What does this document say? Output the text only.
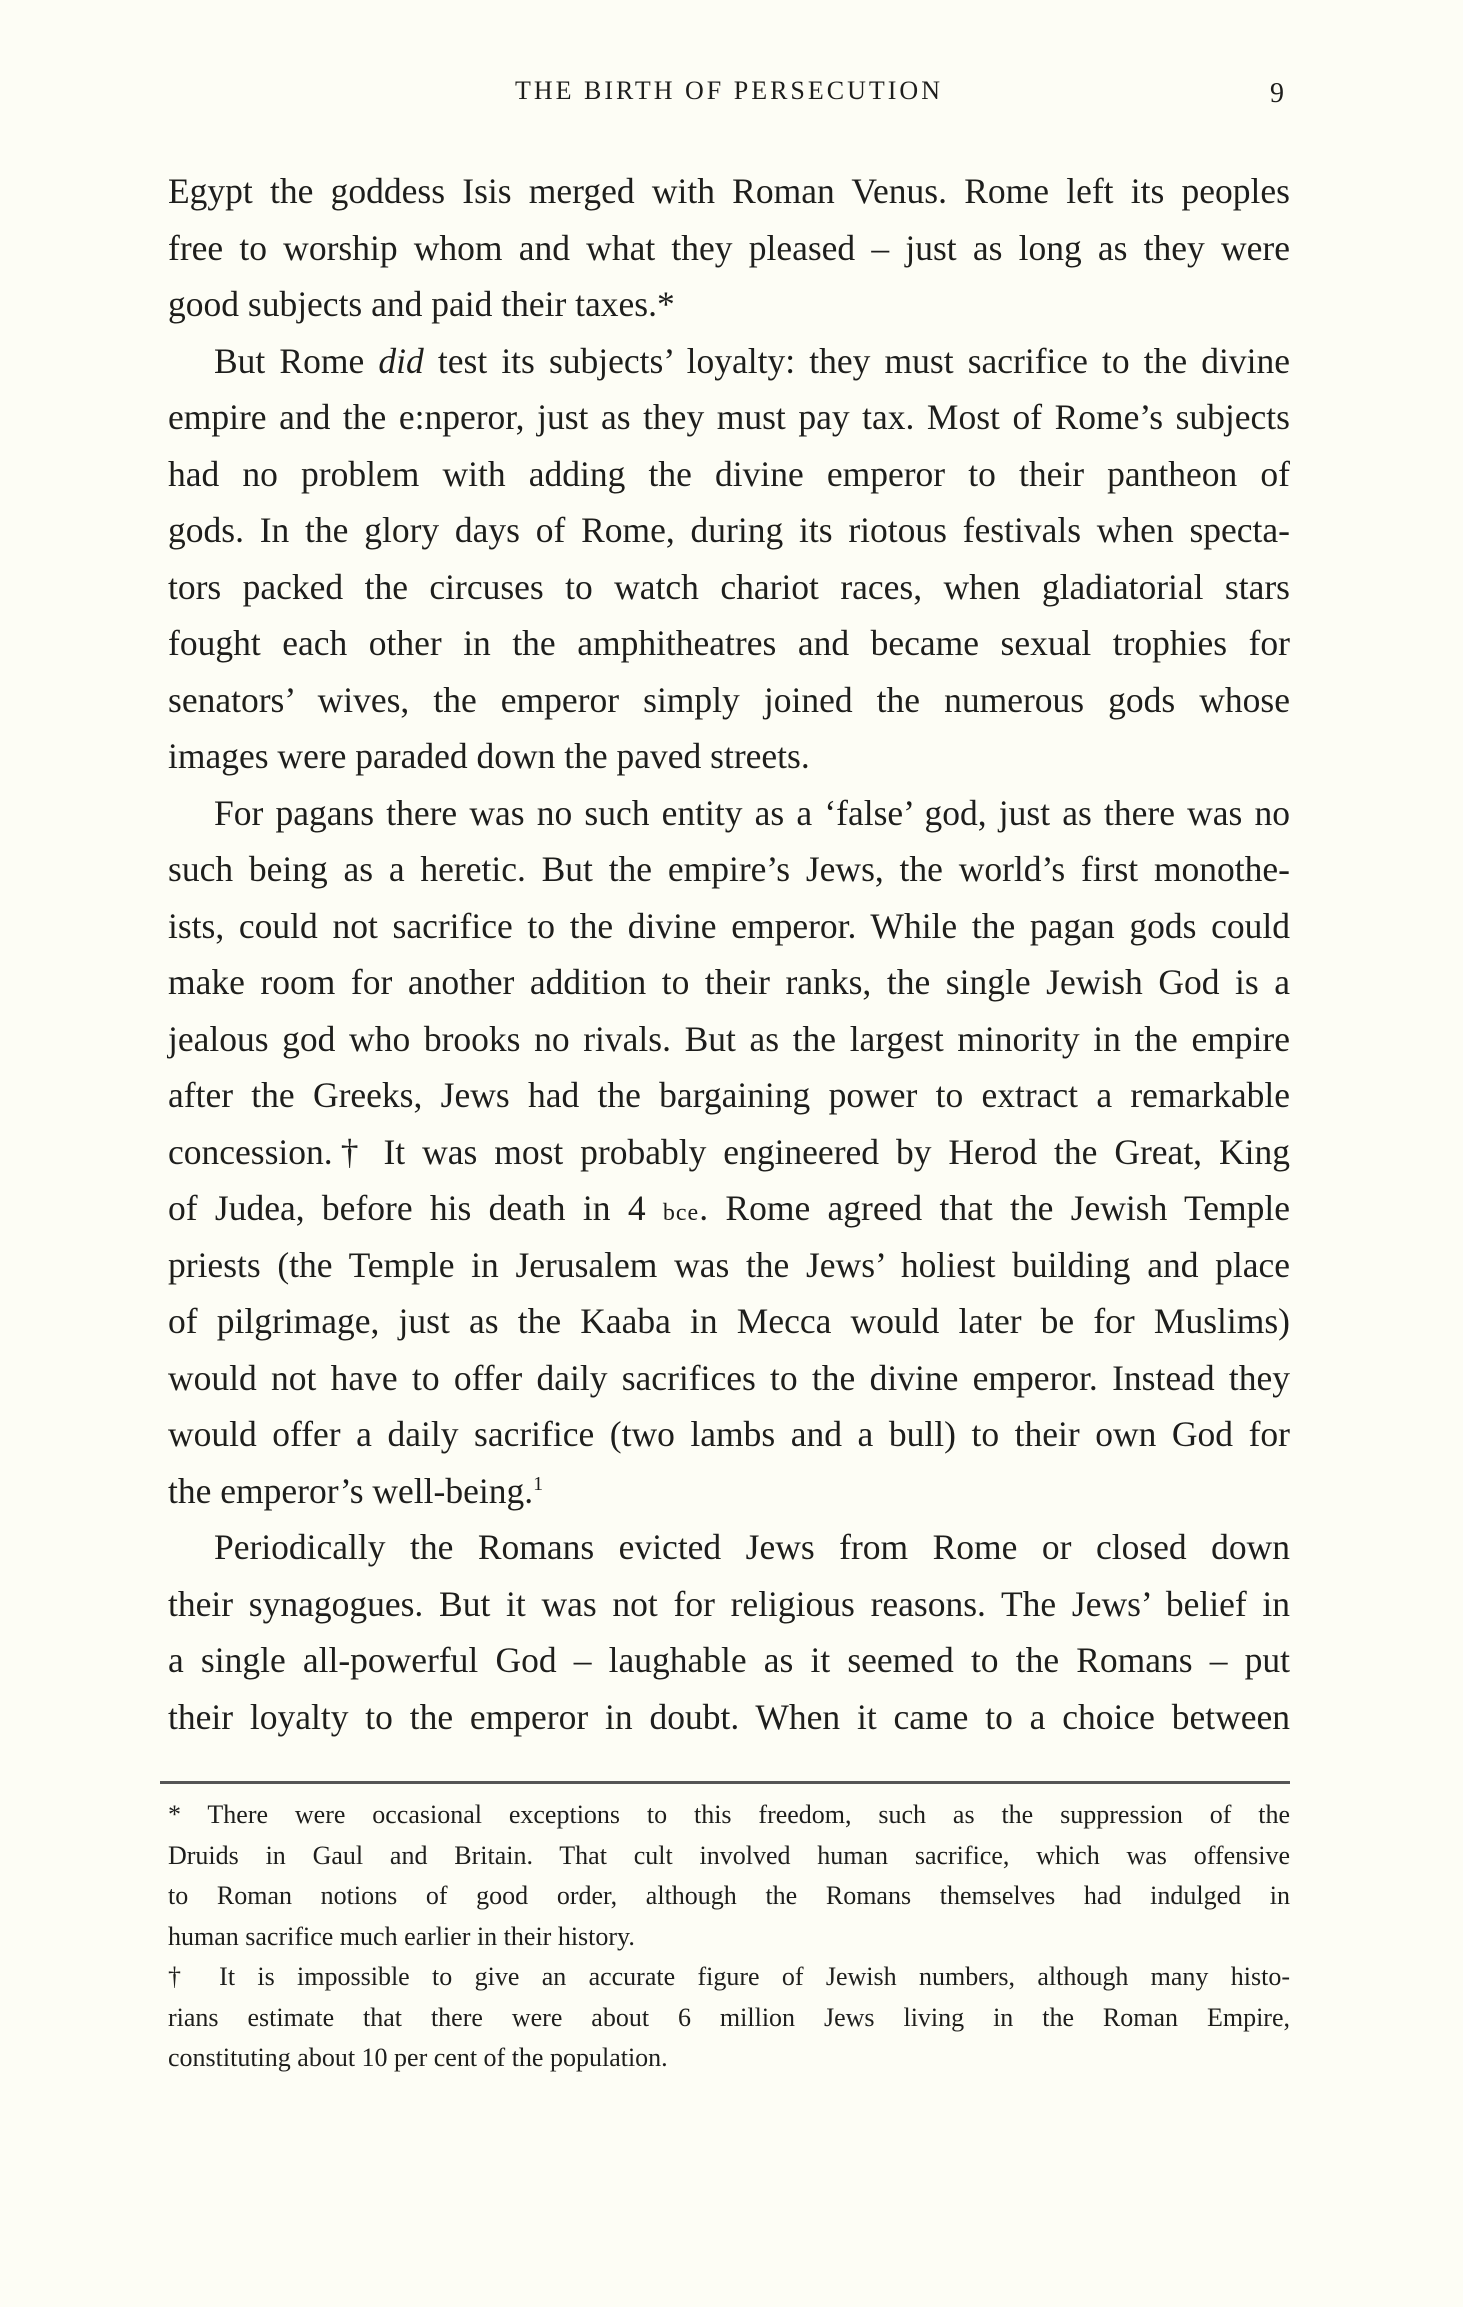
THE BIRTH OF PERSECUTION	9
Egypt the goddess Isis merged with Roman Venus. Rome left its peoples
free to worship whom and what they pleased – just as long as they were
good subjects and paid their taxes.*
But Rome did test its subjects’ loyalty: they must sacrifice to the divine
empire and the e:nperor, just as they must pay tax. Most of Rome’s subjects
had no problem with adding the divine emperor to their pantheon of
gods. In the glory days of Rome, during its riotous festivals when specta-
tors packed the circuses to watch chariot races, when gladiatorial stars
fought each other in the amphitheatres and became sexual trophies for
senators’ wives, the emperor simply joined the numerous gods whose
images were paraded down the paved streets.
For pagans there was no such entity as a ‘false’ god, just as there was no
such being as a heretic. But the empire’s Jews, the world’s first monothe-
ists, could not sacrifice to the divine emperor. While the pagan gods could
make room for another addition to their ranks, the single Jewish God is a
jealous god who brooks no rivals. But as the largest minority in the empire
after the Greeks, Jews had the bargaining power to extract a remarkable
concession.† It was most probably engineered by Herod the Great, King
of Judea, before his death in 4 bce. Rome agreed that the Jewish Temple
priests (the Temple in Jerusalem was the Jews’ holiest building and place
of pilgrimage, just as the Kaaba in Mecca would later be for Muslims)
would not have to offer daily sacrifices to the divine emperor. Instead they
would offer a daily sacrifice (two lambs and a bull) to their own God for
the emperor’s well-being.$^1$
Periodically the Romans evicted Jews from Rome or closed down
their synagogues. But it was not for religious reasons. The Jews’ belief in
a single all-powerful God – laughable as it seemed to the Romans – put
their loyalty to the emperor in doubt. When it came to a choice between
* There were occasional exceptions to this freedom, such as the suppression of the
Druids in Gaul and Britain. That cult involved human sacrifice, which was offensive
to Roman notions of good order, although the Romans themselves had indulged in
human sacrifice much earlier in their history.
† It is impossible to give an accurate figure of Jewish numbers, although many histo-
rians estimate that there were about 6 million Jews living in the Roman Empire,
constituting about 10 per cent of the population.
